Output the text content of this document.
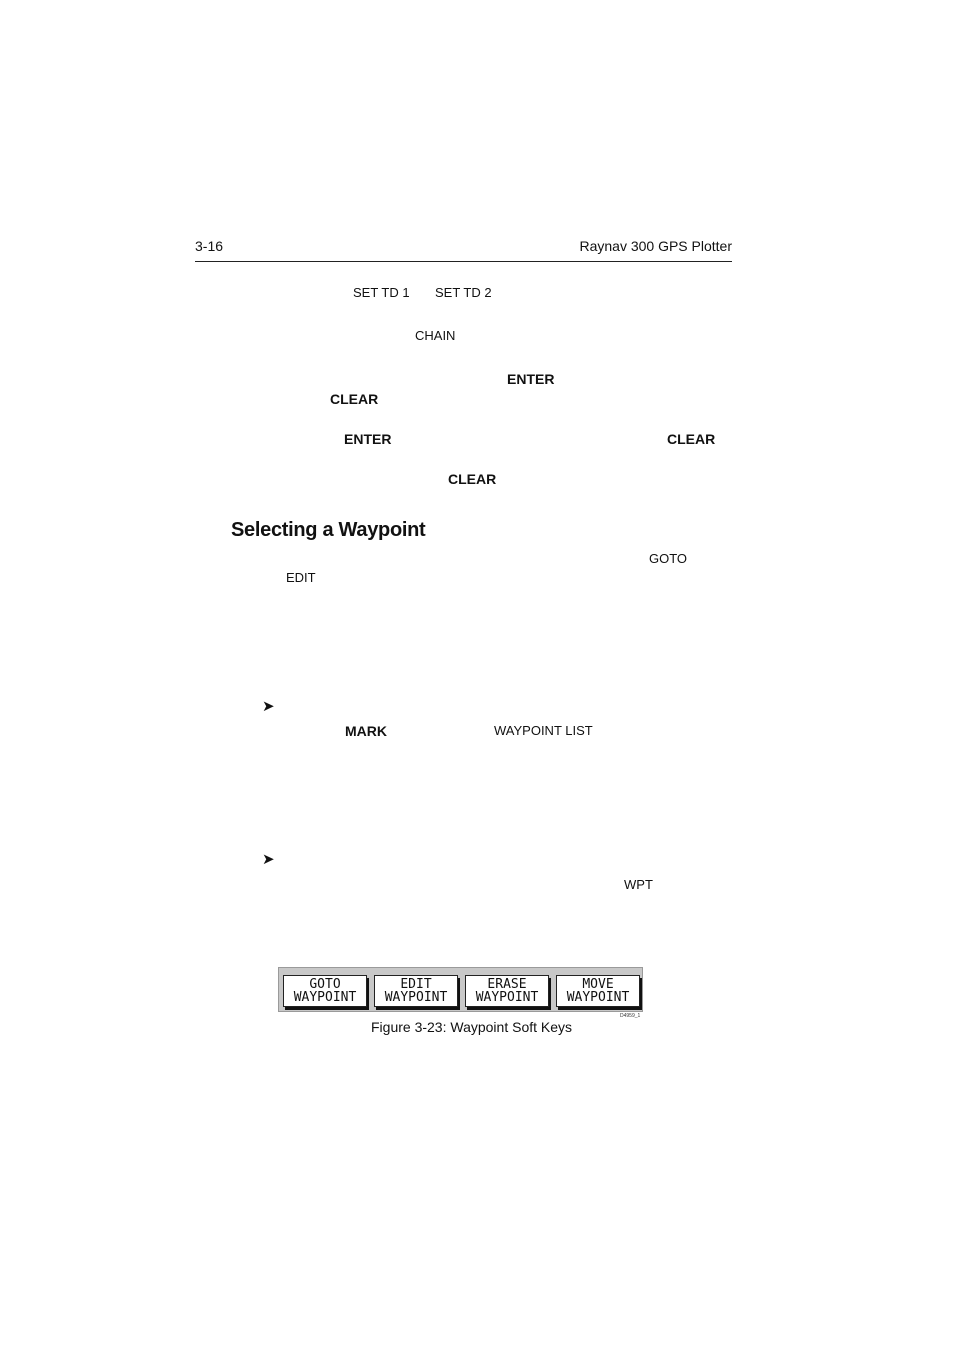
3-16	Raynav 300 GPS Plotter
SET TD 1 SET TD 2
CHAIN
ENTER
CLEAR
ENTER	CLEAR
CLEAR
Selecting a Waypoint
GOTO
EDIT
➤
MARK	WAYPOINT LIST
➤
WPT
GOTO
WAYPOINT
EDIT
WAYPOINT
ERASE
WAYPOINT
MOVE
WAYPOINT
D4959_1
Figure 3-23: Waypoint Soft Keys
